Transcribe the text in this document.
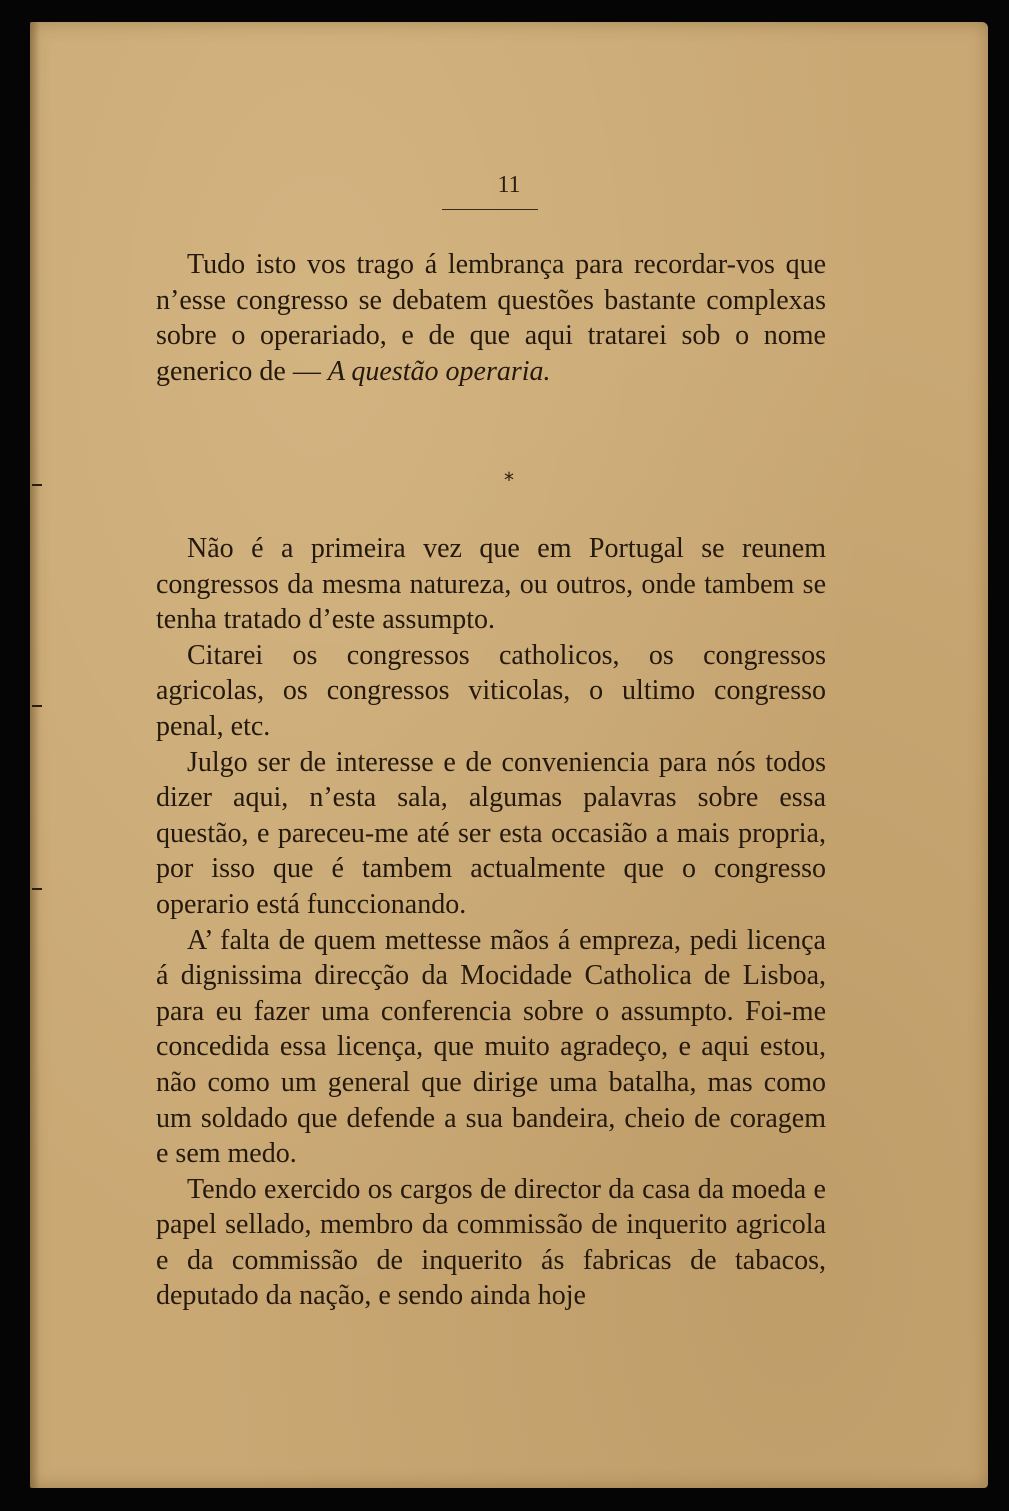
11

Tudo isto vos trago á lembrança para recordar-vos que n’esse congresso se debatem questões bastante complexas sobre o operariado, e de que aqui tratarei sob o nome generico de — A questão operaria.

*

Não é a primeira vez que em Portugal se reunem congressos da mesma natureza, ou outros, onde tambem se tenha tratado d’este assumpto.

Citarei os congressos catholicos, os congressos agricolas, os congressos viticolas, o ultimo congresso penal, etc.

Julgo ser de interesse e de conveniencia para nós todos dizer aqui, n’esta sala, algumas palavras sobre essa questão, e pareceu-me até ser esta occasião a mais propria, por isso que é tambem actualmente que o congresso operario está funccionando.

A’ falta de quem mettesse mãos á empreza, pedi licença á dignissima direcção da Mocidade Catholica de Lisboa, para eu fazer uma conferencia sobre o assumpto. Foi-me concedida essa licença, que muito agradeço, e aqui estou, não como um general que dirige uma batalha, mas como um soldado que defende a sua bandeira, cheio de coragem e sem medo.

Tendo exercido os cargos de director da casa da moeda e papel sellado, membro da commissão de inquerito agricola e da commissão de inquerito ás fabricas de tabacos, deputado da nação, e sendo ainda hoje
